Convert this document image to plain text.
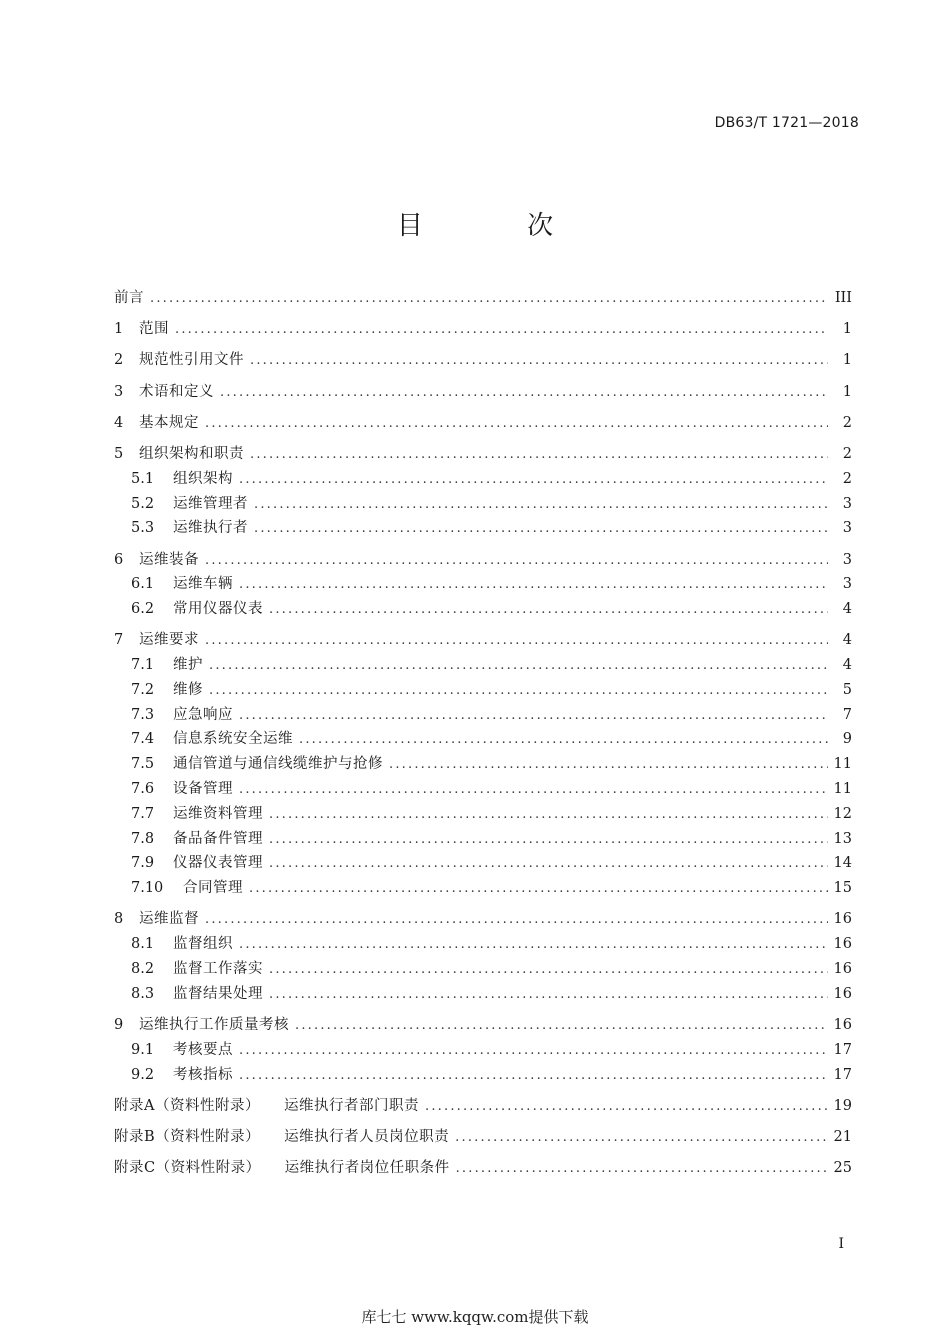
DB63/T 1721—2018
目 次
前言 .....	III
1	范围 .....	1
2	规范性引用文件 .....	1
3	术语和定义 .....	1
4	基本规定 .....	2
5	组织架构和职责 .....	2
5.1	组织架构 .....	2
5.2	运维管理者 .....	3
5.3	运维执行者 .....	3
6	运维装备 .....	3
6.1	运维车辆 .....	3
6.2	常用仪器仪表 .....	4
7	运维要求 .....	4
7.1	维护 .....	4
7.2	维修 .....	5
7.3	应急响应 .....	7
7.4	信息系统安全运维 .....	9
7.5	通信管道与通信线缆维护与抢修 .....	11
7.6	设备管理 .....	11
7.7	运维资料管理 .....	12
7.8	备品备件管理 .....	13
7.9	仪器仪表管理 .....	14
7.10	合同管理 .....	15
8	运维监督 .....	16
8.1	监督组织 .....	16
8.2	监督工作落实 .....	16
8.3	监督结果处理 .....	16
9	运维执行工作质量考核 .....	16
9.1	考核要点 .....	17
9.2	考核指标 .....	17
附录A（资料性附录） 运维执行者部门职责 .....	19
附录B（资料性附录） 运维执行者人员岗位职责 .....	21
附录C（资料性附录） 运维执行者岗位任职条件 .....	25
I
库七七 www.kqqw.com提供下载
